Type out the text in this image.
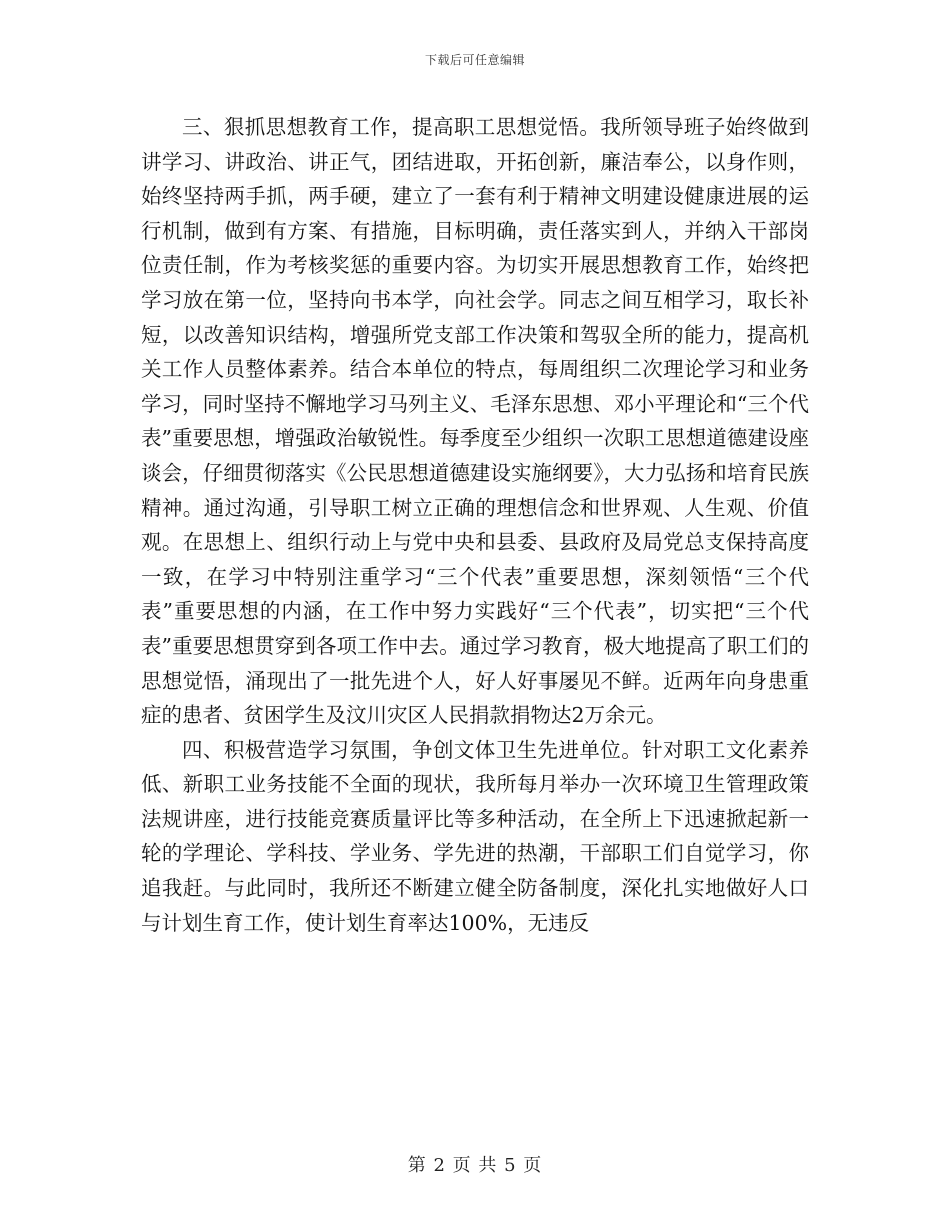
下载后可任意编辑

三、狠抓思想教育工作，提高职工思想觉悟。我所领导班子始终做到讲学习、讲政治、讲正气，团结进取，开拓创新，廉洁奉公，以身作则，始终坚持两手抓，两手硬，建立了一套有利于精神文明建设健康进展的运行机制，做到有方案、有措施，目标明确，责任落实到人，并纳入干部岗位责任制，作为考核奖惩的重要内容。为切实开展思想教育工作，始终把学习放在第一位，坚持向书本学，向社会学。同志之间互相学习，取长补短，以改善知识结构，增强所党支部工作决策和驾驭全所的能力，提高机关工作人员整体素养。结合本单位的特点，每周组织二次理论学习和业务学习，同时坚持不懈地学习马列主义、毛泽东思想、邓小平理论和“三个代表”重要思想，增强政治敏锐性。每季度至少组织一次职工思想道德建设座谈会，仔细贯彻落实《公民思想道德建设实施纲要》，大力弘扬和培育民族精神。通过沟通，引导职工树立正确的理想信念和世界观、人生观、价值观。在思想上、组织行动上与党中央和县委、县政府及局党总支保持高度一致，在学习中特别注重学习“三个代表”重要思想，深刻领悟“三个代表”重要思想的内涵，在工作中努力实践好“三个代表”，切实把“三个代表”重要思想贯穿到各项工作中去。通过学习教育，极大地提高了职工们的思想觉悟，涌现出了一批先进个人，好人好事屡见不鲜。近两年向身患重症的患者、贫困学生及汶川灾区人民捐款捐物达2万余元。

四、积极营造学习氛围，争创文体卫生先进单位。针对职工文化素养低、新职工业务技能不全面的现状，我所每月举办一次环境卫生管理政策法规讲座，进行技能竞赛质量评比等多种活动，在全所上下迅速掀起新一轮的学理论、学科技、学业务、学先进的热潮，干部职工们自觉学习，你追我赶。与此同时，我所还不断建立健全防备制度，深化扎实地做好人口与计划生育工作，使计划生育率达100%，无违反

第 2 页 共 5 页
